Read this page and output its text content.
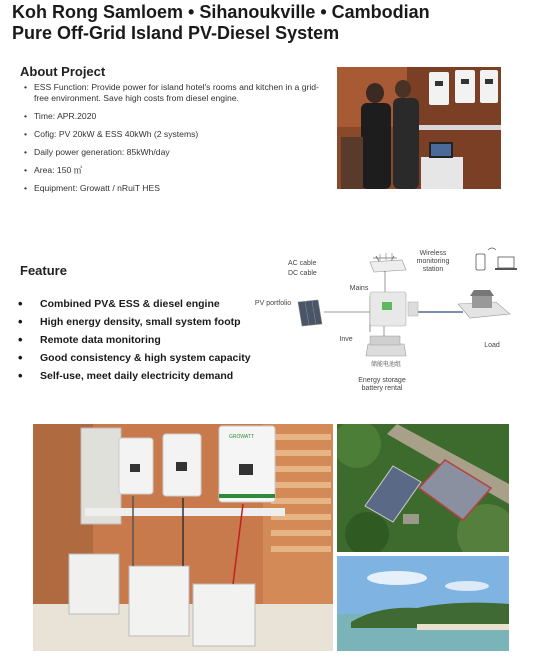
Koh Rong Samloem • Sihanoukville • Cambodian
Pure Off-Grid Island PV-Diesel System
About Project
• ESS Function: Provide power for island hotel's rooms and kitchen in a grid-free environment. Save high costs from diesel engine.
• Time: APR.2020
• Cofig: PV 20kW & ESS 40kWh (2 systems)
• Daily power generation: 85kWh/day
• Area: 150 ㎡
• Equipment: Growatt / nRuiT HES
Feature
• Combined PV& ESS & diesel engine
• High energy density, small system footp
• Remote data monitoring
• Good consistency & high system capacity
• Self-use, meet daily electricity demand
AC cable
DC cable
Mains
PV portfolio
Inve
Wireless monitoring station
Load
储能电池组
Energy storage battery rental
GROWATT
